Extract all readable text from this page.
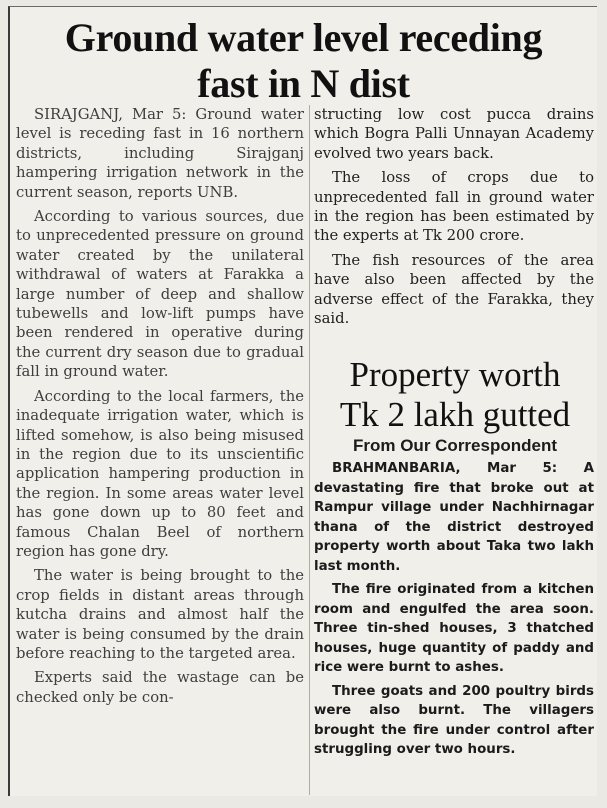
Ground water level receding
fast in N dist

SIRAJGANJ, Mar 5: Ground water level is receding fast in 16 northern districts, including Sirajganj hampering irrigation network in the current season, reports UNB.

According to various sources, due to unprecedented pressure on ground water created by the unilateral withdrawal of waters at Farakka a large number of deep and shallow tubewells and low-lift pumps have been rendered in operative during the current dry season due to gradual fall in ground water.

According to the local farmers, the inadequate irrigation water, which is lifted somehow, is also being misused in the region due to its unscientific application hampering production in the region. In some areas water level has gone down up to 80 feet and famous Chalan Beel of northern region has gone dry.

The water is being brought to the crop fields in distant areas through kutcha drains and almost half the water is being consumed by the drain before reaching to the targeted area.

Experts said the wastage can be checked only be con-

structing low cost pucca drains which Bogra Palli Unnayan Academy evolved two years back.

The loss of crops due to unprecedented fall in ground water in the region has been estimated by the experts at Tk 200 crore.

The fish resources of the area have also been affected by the adverse effect of the Farakka, they said.

Property worth
Tk 2 lakh gutted
From Our Correspondent

BRAHMANBARIA, Mar 5: A devastating fire that broke out at Rampur village under Nachhirnagar thana of the district destroyed property worth about Taka two lakh last month.

The fire originated from a kitchen room and engulfed the area soon. Three tin-shed houses, 3 thatched houses, huge quantity of paddy and rice were burnt to ashes.

Three goats and 200 poultry birds were also burnt. The villagers brought the fire under control after struggling over two hours.
